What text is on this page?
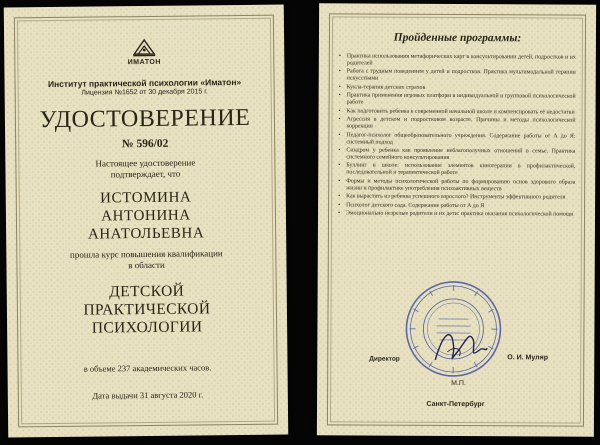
ИМАТОН
Институт практической психологии «Иматон»
Лицензия №1652 от 30 декабря 2015 г.
УДОСТОВЕРЕНИЕ
№ 596/02
Настоящее удостоверение
подтверждает, что
ИСТОМИНА
АНТОНИНА
АНАТОЛЬЕВНА
прошла курс повышения квалификации
в области
ДЕТСКОЙ
ПРАКТИЧЕСКОЙ
ПСИХОЛОГИИ
в объеме 237 академических часов.
Дата выдачи 31 августа 2020 г.
Пройденные программы:
• Практика использования метафорических карт в консультировании детей, подростков и их родителей
• Работа с трудным поведением у детей и подростков. Практика мультимодальной терапии искусствами
• Кукла-терапия детских страхов
• Практика применения игровых платформ в индивидуальной и групповой психологической работе
• Как подготовить ребенка к современной начальной школе и компенсировать её недостатки
• Агрессия в детском и подростковом возрасте. Причины и методы психологической коррекции
• Педагог-психолог общеобразовательного учреждения. Содержание работы от А до Я: системный подход
• Синдром у ребенка как проявление неблагополучных отношений в семье. Практика системного семейного консультирования
• Буллинг в школе: использование элементов кинотерапии в профилактической, последовательной и терапевтической работе
• Формы и методы психологической работы по формированию основ здорового образа жизни и профилактике употребления психоактивных веществ
• Как вырастить из ребенка успешного взрослого? Инструменты эффективного родителя
• Психолог детского сада. Содержание работы от А до Я
• Эмоционально незрелые родители и их дети: практика оказания психологической помощи
Директор	О. И. Муляр
М.П.
Санкт-Петербург
